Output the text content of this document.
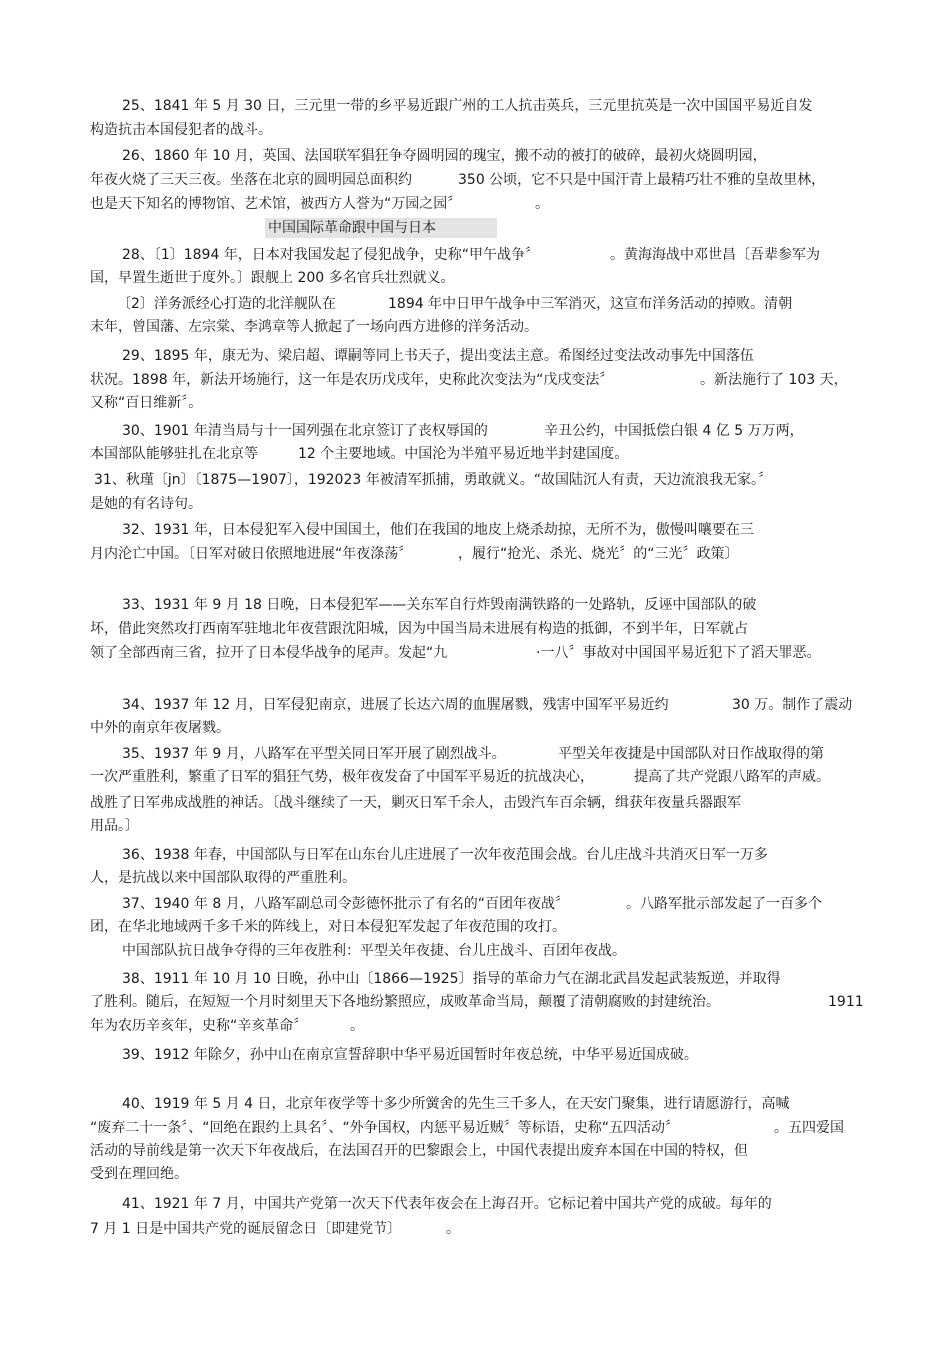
中国国际革命跟中国与日本
25、1841 年 5 月 30 日，三元里一带的乡平易近跟广州的工人抗击英兵，三元里抗英是一次中国国平易近自发
构造抗击本国侵犯者的战斗。
26、1860 年 10 月，英国、法国联军猖狂争夺圆明园的瑰宝，搬不动的被打的破碎，最初火烧圆明园，
年夜火烧了三天三夜。坐落在北京的圆明园总面积约	350 公顷，它不只是中国汗青上最精巧壮不雅的皇故里林，
也是天下知名的博物馆、艺术馆，被西方人誉为“万园之园〞	。
28、〔1〕1894 年，日本对我国发起了侵犯战争，史称“甲午战争〞	。黄海海战中邓世昌〔吾辈参军为
国，早置生逝世于度外。〕跟舰上 200 多名官兵壮烈就义。
〔2〕洋务派经心打造的北洋舰队在	1894 年中日甲午战争中三军消灭，这宣布洋务活动的掉败。清朝
末年，曾国藩、左宗棠、李鸿章等人掀起了一场向西方进修的洋务活动。
29、1895 年，康无为、梁启超、谭嗣等同上书天子，提出变法主意。希图经过变法改动事先中国落伍
状况。1898 年，新法开场施行，这一年是农历戊戌年，史称此次变法为“戊戌变法〞	。新法施行了 103 天，
又称“百日维新〞。
30、1901 年清当局与十一国列强在北京签订了丧权辱国的	辛丑公约，中国抵偿白银 4 亿 5 万万两，
本国部队能够驻扎在北京等	12 个主要地域。中国沦为半殖平易近地半封建国度。
31、秋瑾〔jn〕〔1875—1907〕，192023 年被清军抓捕，勇敢就义。“故国陆沉人有责，天边流浪我无家。〞
是她的有名诗句。
32、1931 年，日本侵犯军入侵中国国土，他们在我国的地皮上烧杀劫掠，无所不为，傲慢叫嚷要在三
月内沦亡中国。〔日军对破日依照地进展“年夜涤荡〞	，履行“抢光、杀光、烧光〞的“三光〞政策〕
33、1931 年 9 月 18 日晚，日本侵犯军——关东军自行炸毁南满铁路的一处路轨，反诬中国部队的破
坏，借此突然攻打西南军驻地北年夜营跟沈阳城，因为中国当局未进展有构造的抵御，不到半年，日军就占
领了全部西南三省，拉开了日本侵华战争的尾声。发起“九	·一八〞事故对中国国平易近犯下了滔天罪恶。
34、1937 年 12 月，日军侵犯南京，进展了长达六周的血腥屠戮，残害中国军平易近约	30 万。制作了震动
中外的南京年夜屠戮。
35、1937 年 9 月，八路军在平型关同日军开展了剧烈战斗。	平型关年夜捷是中国部队对日作战取得的第
一次严重胜利，繁重了日军的猖狂气势，极年夜发奋了中国军平易近的抗战决心，	提高了共产党跟八路军的声威。
战胜了日军弗成战胜的神话。〔战斗继续了一天，剿灭日军千余人，击毁汽车百余辆，缉获年夜量兵器跟军
用品。〕
36、1938 年春，中国部队与日军在山东台儿庄进展了一次年夜范围会战。台儿庄战斗共消灭日军一万多
人，是抗战以来中国部队取得的严重胜利。
37、1940 年 8 月，八路军副总司令彭德怀批示了有名的“百团年夜战〞	。八路军批示部发起了一百多个
团，在华北地域两千多千米的阵线上，对日本侵犯军发起了年夜范围的攻打。
中国部队抗日战争夺得的三年夜胜利：平型关年夜捷、台儿庄战斗、百团年夜战。
38、1911 年 10 月 10 日晚，孙中山〔1866—1925〕指导的革命力气在湖北武昌发起武装叛逆，并取得
了胜利。随后，在短短一个月时刻里天下各地纷繁照应，成败革命当局，颠覆了清朝腐败的封建统治。	1911
年为农历辛亥年，史称“辛亥革命〞	。
39、1912 年除夕，孙中山在南京宣誓辞职中华平易近国暂时年夜总统，中华平易近国成破。
40、1919 年 5 月 4 日，北京年夜学等十多少所黉舍的先生三千多人，在天安门聚集，进行请愿游行，高喊
“废弃二十一条〞、“回绝在跟约上具名〞、“外争国权，内惩平易近贼〞等标语，史称“五四活动〞	。五四爱国
活动的导前线是第一次天下年夜战后，在法国召开的巴黎跟会上，中国代表提出废弃本国在中国的特权，但
受到在理回绝。
41、1921 年 7 月，中国共产党第一次天下代表年夜会在上海召开。它标记着中国共产党的成破。每年的
7 月 1 日是中国共产党的诞辰留念日〔即建党节〕	。
